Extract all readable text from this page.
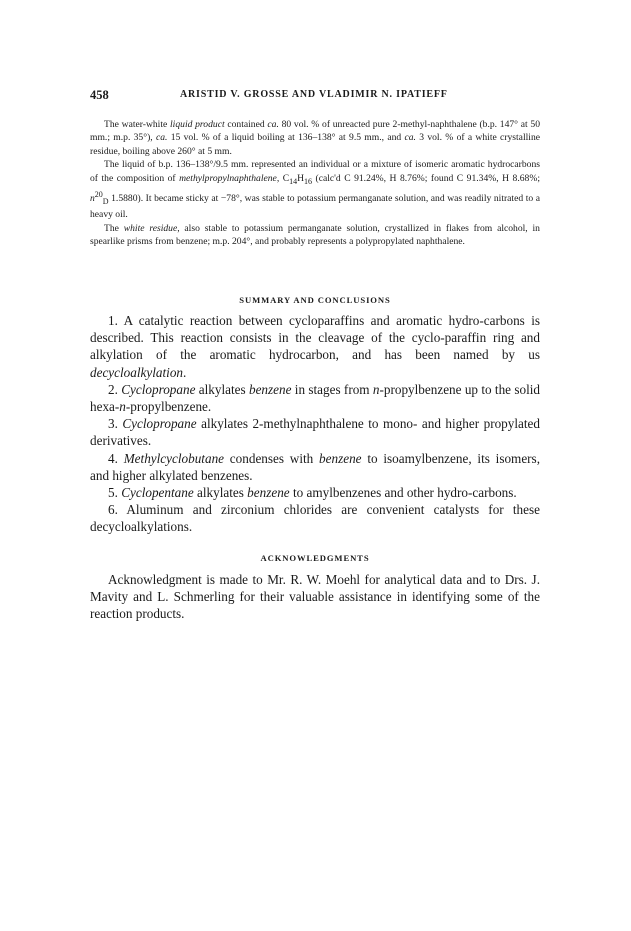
458	ARISTID V. GROSSE AND VLADIMIR N. IPATIEFF

The water-white liquid product contained ca. 80 vol. % of unreacted pure 2-methyl-naphthalene (b.p. 147° at 50 mm.; m.p. 35°), ca. 15 vol. % of a liquid boiling at 136–138° at 9.5 mm., and ca. 3 vol. % of a white crystalline residue, boiling above 260° at 5 mm.

The liquid of b.p. 136–138°/9.5 mm. represented an individual or a mixture of isomeric aromatic hydrocarbons of the composition of methylpropylnaphthalene, $C_{14}H_{16}$ (calc'd C 91.24%, H 8.76%; found C 91.34%, H 8.68%; $n^{20}_D$ 1.5880). It became sticky at −78°, was stable to potassium permanganate solution, and was readily nitrated to a heavy oil.

The white residue, also stable to potassium permanganate solution, crystallized in flakes from alcohol, in spearlike prisms from benzene; m.p. 204°, and probably represents a polypropylated naphthalene.

SUMMARY AND CONCLUSIONS

1. A catalytic reaction between cycloparaffins and aromatic hydro-carbons is described. This reaction consists in the cleavage of the cyclo-paraffin ring and alkylation of the aromatic hydrocarbon, and has been named by us decycloalkylation.

2. Cyclopropane alkylates benzene in stages from n-propylbenzene up to the solid hexa-n-propylbenzene.

3. Cyclopropane alkylates 2-methylnaphthalene to mono- and higher propylated derivatives.

4. Methylcyclobutane condenses with benzene to isoamylbenzene, its isomers, and higher alkylated benzenes.

5. Cyclopentane alkylates benzene to amylbenzenes and other hydro-carbons.

6. Aluminum and zirconium chlorides are convenient catalysts for these decycloalkylations.

ACKNOWLEDGMENTS

Acknowledgment is made to Mr. R. W. Moehl for analytical data and to Drs. J. Mavity and L. Schmerling for their valuable assistance in identifying some of the reaction products.
